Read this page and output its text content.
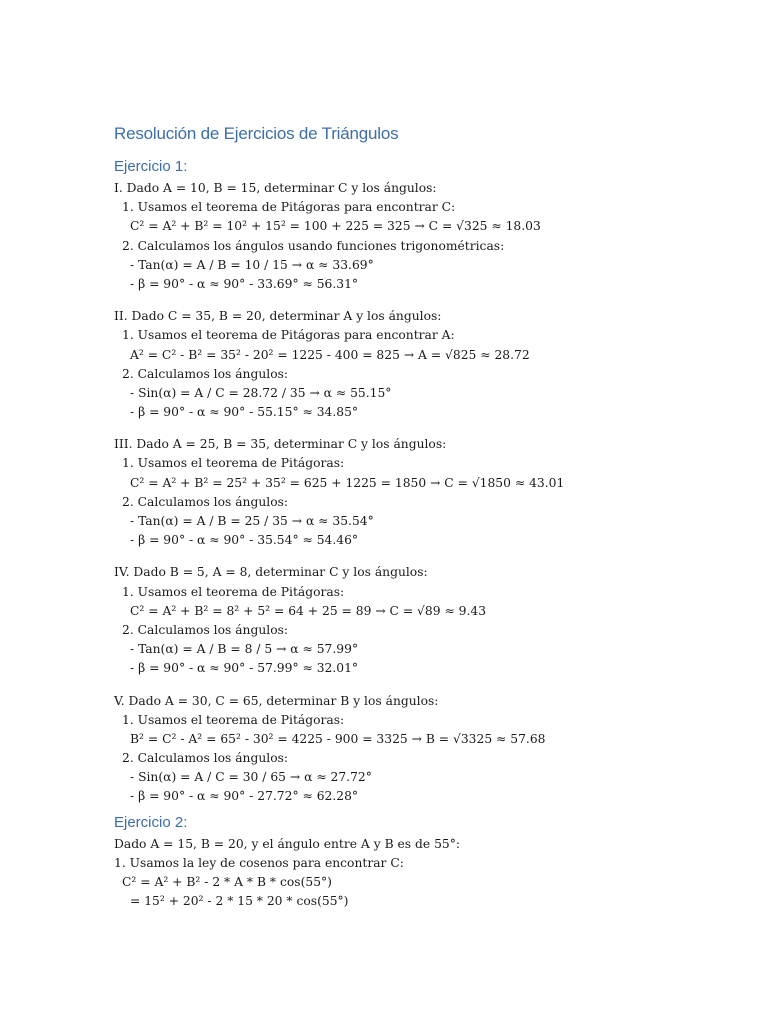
Resolución de Ejercicios de Triángulos
Ejercicio 1:
I. Dado A = 10, B = 15, determinar C y los ángulos:
1. Usamos el teorema de Pitágoras para encontrar C:
C² = A² + B² = 10² + 15² = 100 + 225 = 325 → C = √325 ≈ 18.03
2. Calculamos los ángulos usando funciones trigonométricas:
- Tan(α) = A / B = 10 / 15 → α ≈ 33.69°
- β = 90° - α ≈ 90° - 33.69° ≈ 56.31°
II. Dado C = 35, B = 20, determinar A y los ángulos:
1. Usamos el teorema de Pitágoras para encontrar A:
A² = C² - B² = 35² - 20² = 1225 - 400 = 825 → A = √825 ≈ 28.72
2. Calculamos los ángulos:
- Sin(α) = A / C = 28.72 / 35 → α ≈ 55.15°
- β = 90° - α ≈ 90° - 55.15° ≈ 34.85°
III. Dado A = 25, B = 35, determinar C y los ángulos:
1. Usamos el teorema de Pitágoras:
C² = A² + B² = 25² + 35² = 625 + 1225 = 1850 → C = √1850 ≈ 43.01
2. Calculamos los ángulos:
- Tan(α) = A / B = 25 / 35 → α ≈ 35.54°
- β = 90° - α ≈ 90° - 35.54° ≈ 54.46°
IV. Dado B = 5, A = 8, determinar C y los ángulos:
1. Usamos el teorema de Pitágoras:
C² = A² + B² = 8² + 5² = 64 + 25 = 89 → C = √89 ≈ 9.43
2. Calculamos los ángulos:
- Tan(α) = A / B = 8 / 5 → α ≈ 57.99°
- β = 90° - α ≈ 90° - 57.99° ≈ 32.01°
V. Dado A = 30, C = 65, determinar B y los ángulos:
1. Usamos el teorema de Pitágoras:
B² = C² - A² = 65² - 30² = 4225 - 900 = 3325 → B = √3325 ≈ 57.68
2. Calculamos los ángulos:
- Sin(α) = A / C = 30 / 65 → α ≈ 27.72°
- β = 90° - α ≈ 90° - 27.72° ≈ 62.28°
Ejercicio 2:
Dado A = 15, B = 20, y el ángulo entre A y B es de 55°:
1. Usamos la ley de cosenos para encontrar C:
C² = A² + B² - 2 * A * B * cos(55°)
= 15² + 20² - 2 * 15 * 20 * cos(55°)
